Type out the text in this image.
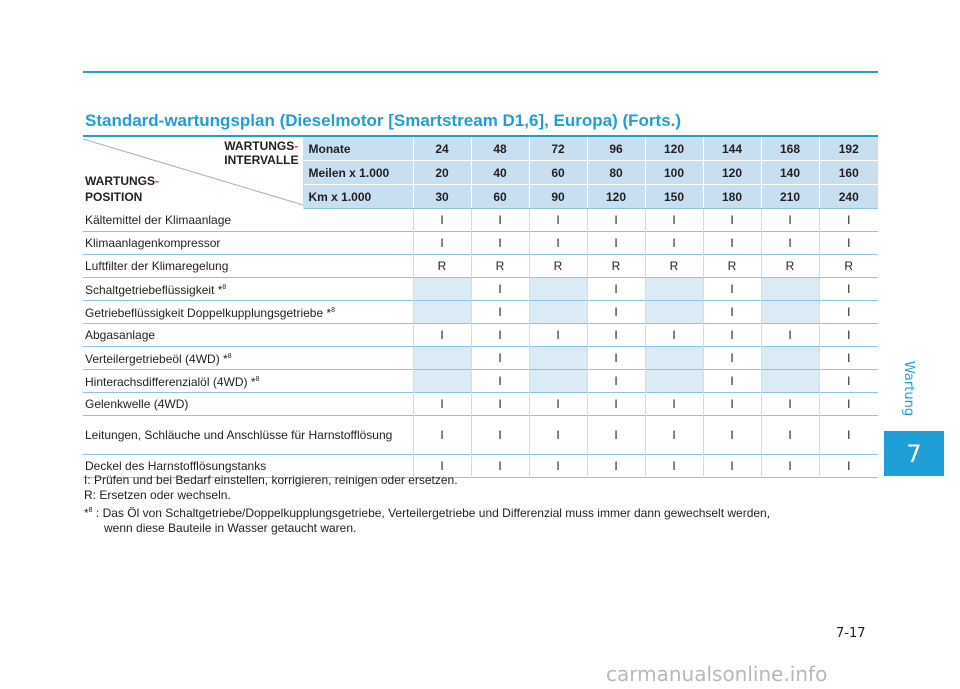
Wartung
7
Standard-wartungsplan (Dieselmotor [Smartstream D1,6], Europa) (Forts.)
WARTUNGS-
INTERVALLE
WARTUNGS-
POSITION	Monate	24	48	72	96	120	144	168	192
	Meilen x 1.000	20	40	60	80	100	120	140	160
	Km x 1.000	30	60	90	120	150	180	210	240
Kältemittel der Klimaanlage		I	I	I	I	I	I	I	I
Klimaanlagenkompressor		I	I	I	I	I	I	I	I
Luftfilter der Klimaregelung		R	R	R	R	R	R	R	R
Schaltgetriebeflüssigkeit *$^8$			I		I		I		I
Getriebeflüssigkeit Doppelkupplungsgetriebe *$^8$			I		I		I		I
Abgasanlage		I	I	I	I	I	I	I	I
Verteilergetriebeöl (4WD) *$^8$			I		I		I		I
Hinterachsdifferenzialöl (4WD) *$^8$			I		I		I		I
Gelenkwelle (4WD)		I	I	I	I	I	I	I	I
Leitungen, Schläuche und Anschlüsse für Harnstofflösung		I	I	I	I	I	I	I	I
Deckel des Harnstofflösungstanks		I	I	I	I	I	I	I	I

I: Prüfen und bei Bedarf einstellen, korrigieren, reinigen oder ersetzen.

R: Ersetzen oder wechseln.

*$^8$ : Das Öl von Schaltgetriebe/Doppelkupplungsgetriebe, Verteilergetriebe und Differenzial muss immer dann gewechselt werden,

wenn diese Bauteile in Wasser getaucht waren.

7-17
carmanualsonline.info
